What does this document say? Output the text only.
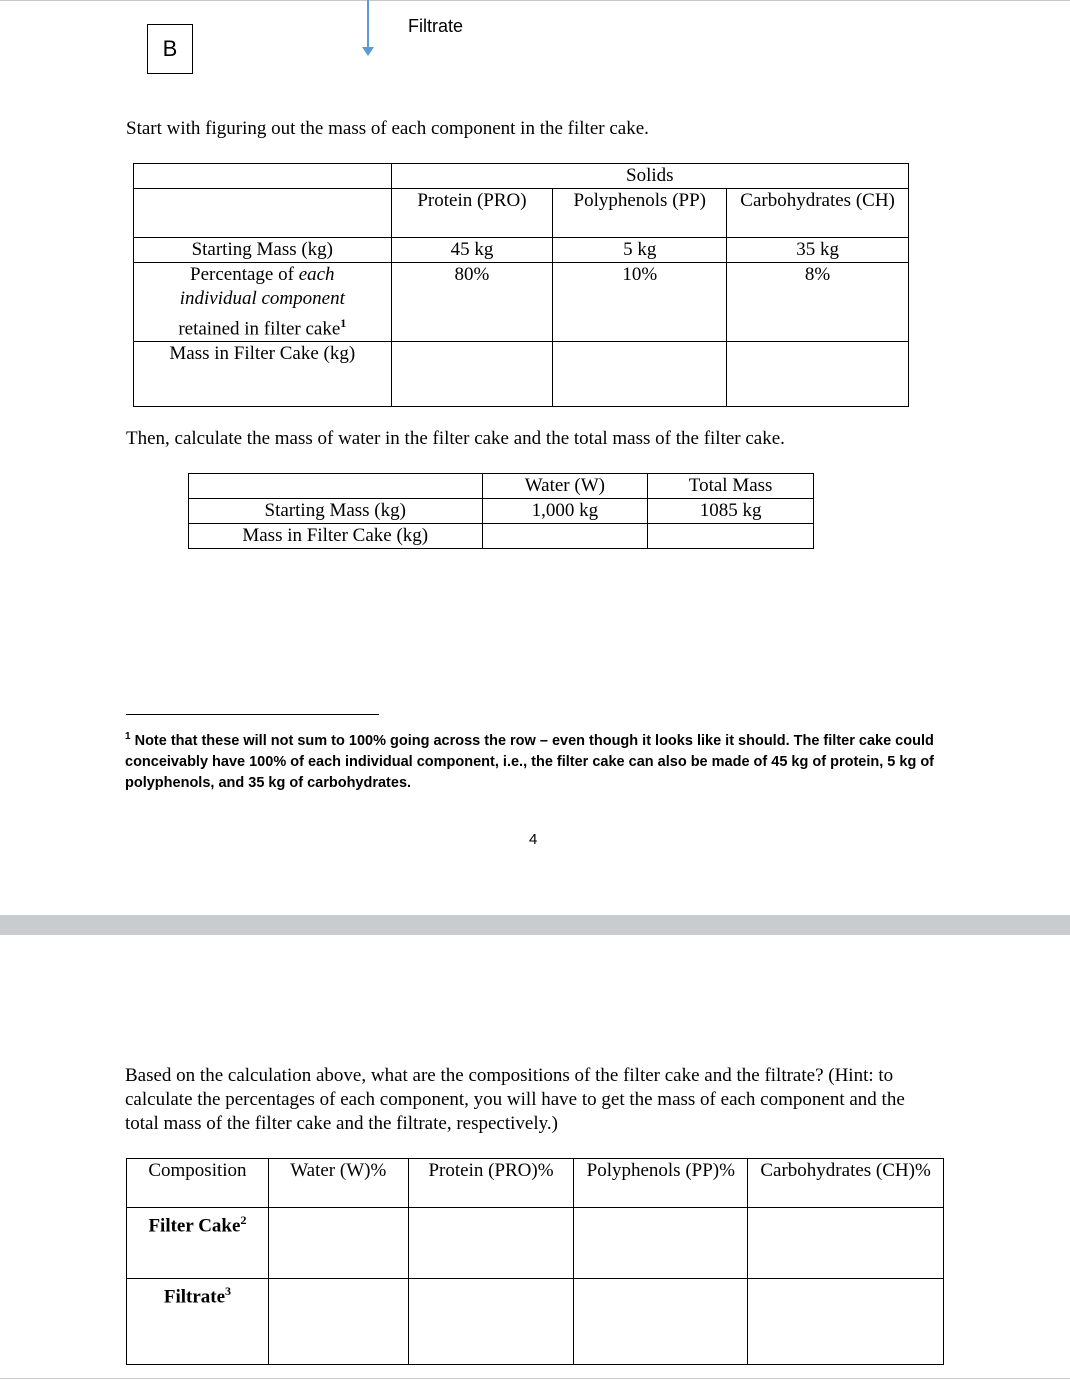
B
Filtrate
Start with figuring out the mass of each component in the filter cake.
	Solids		
	Protein (PRO)	Polyphenols (PP)	Carbohydrates (CH)
Starting Mass (kg)	45 kg	5 kg	35 kg
Percentage of each
individual component
retained in filter cake$^1$	80%	10%	8%
Mass in Filter Cake (kg)			
Then, calculate the mass of water in the filter cake and the total mass of the filter cake.
	Water (W)	Total Mass
Starting Mass (kg)	1,000 kg	1085 kg
Mass in Filter Cake (kg)		
$^1$ Note that these will not sum to 100% going across the row – even though it looks like it should. The filter cake could conceivably have 100% of each individual component, i.e., the filter cake can also be made of 45 kg of protein, 5 kg of polyphenols, and 35 kg of carbohydrates.
4
Based on the calculation above, what are the compositions of the filter cake and the filtrate? (Hint: to calculate the percentages of each component, you will have to get the mass of each component and the total mass of the filter cake and the filtrate, respectively.)
Composition	Water (W)%	Protein (PRO)%	Polyphenols (PP)%	Carbohydrates (CH)%
Filter Cake$^2$				
Filtrate$^3$				
